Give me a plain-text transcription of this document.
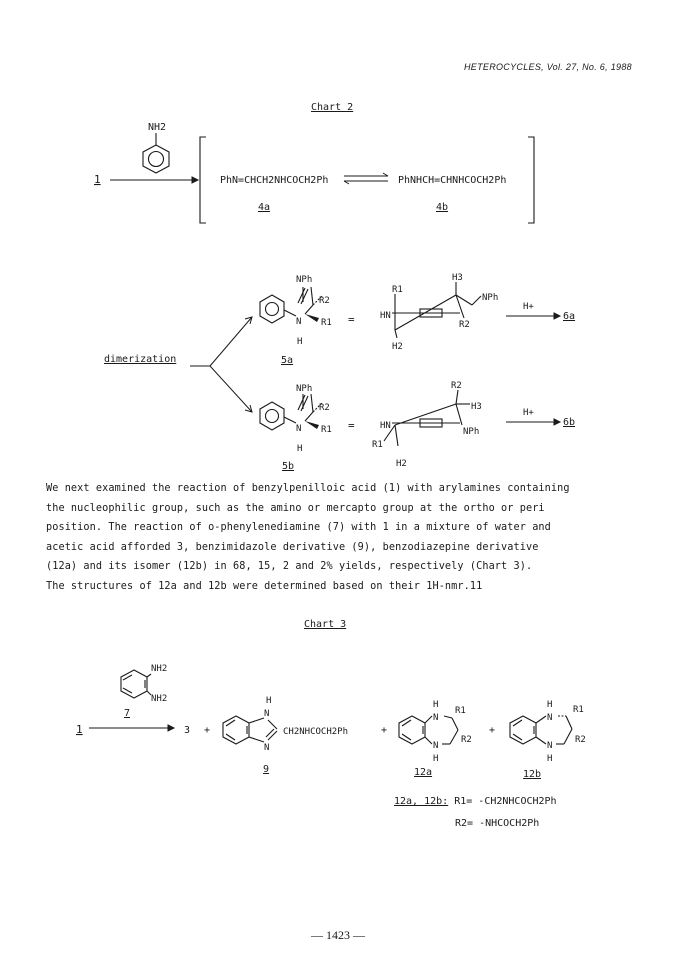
HETEROCYCLES, Vol. 27, No. 6, 1988
Chart 2
NH2
1	PhN=CHCH2NHCOCH2Ph
4a
PhNHCH=CHNHCOCH2Ph
4b
dimerization
NPh
R2
R1
N
H
5a
=
R1
HN
H3
NPh
R2
H2
H+
6a
NPh
R2
R1
N
H
5b
=
R2
H3
HN
NPh
R1
H2
H+
6b
We next examined the reaction of benzylpenilloic acid (1) with arylamines containing
the nucleophilic group, such as the amino or mercapto group at the ortho or peri
position. The reaction of o-phenylenediamine (7) with 1 in a mixture of water and
acetic acid afforded 3, benzimidazole derivative (9), benzodiazepine derivative
(12a) and its isomer (12b) in 68, 15, 2 and 2% yields, respectively (Chart 3).
The structures of 12a and 12b were determined based on their 1H-nmr.11
Chart 3
NH2
NH2
7
1	3 +
H
N
N
CH2NHCOCH2Ph
9
+
H
N
R1
R2
N
H
12a
+
H
N
R1
R2
N
H
12b
12a, 12b: R1= -CH2NHCOCH2Ph
R2= -NHCOCH2Ph
— 1423 —
